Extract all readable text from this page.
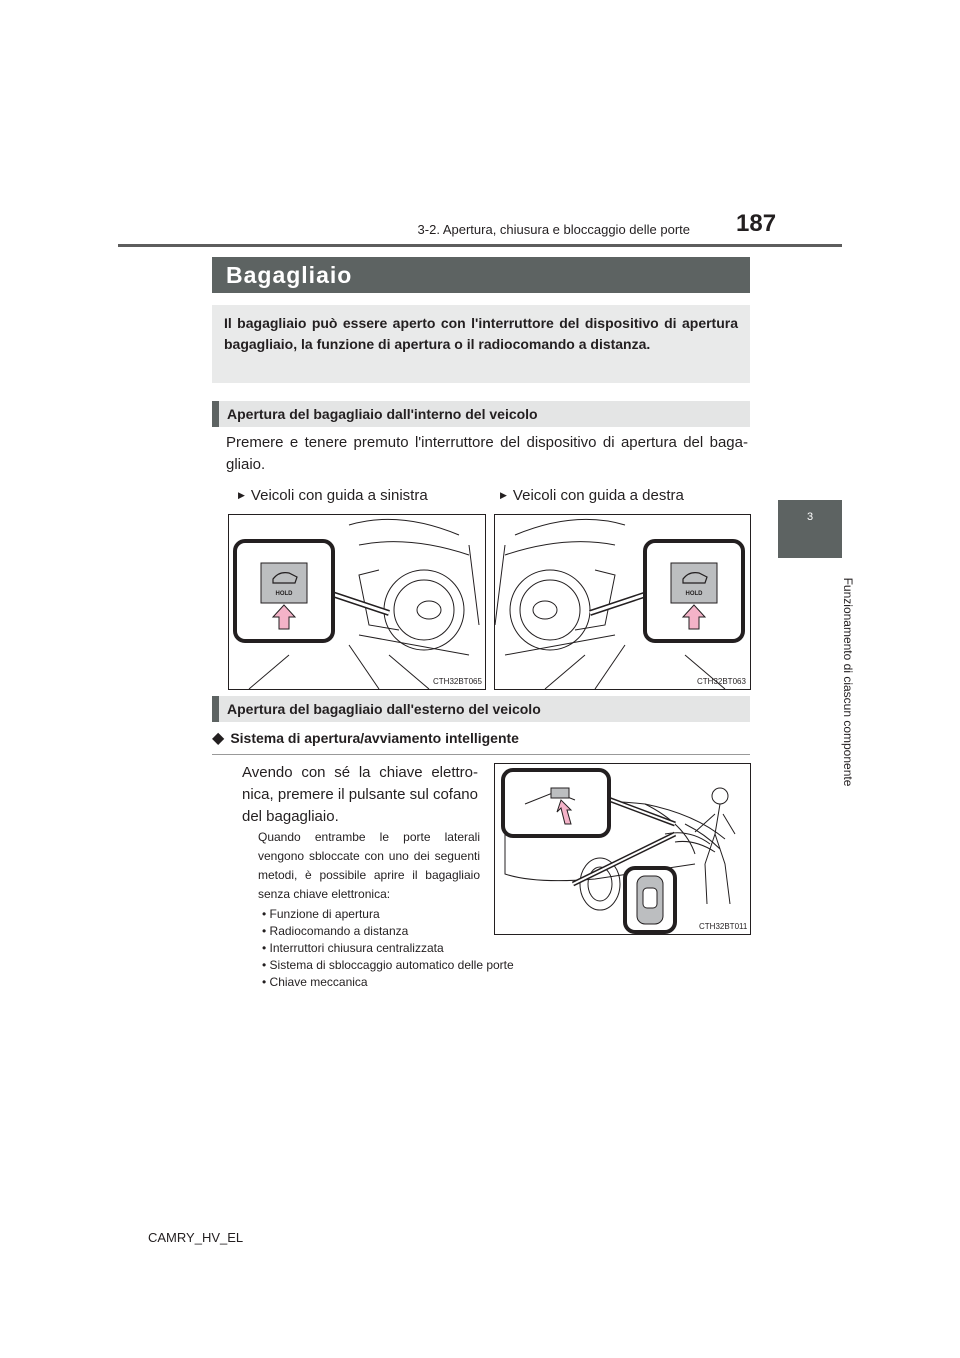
3-2. Apertura, chiusura e bloccaggio delle porte 187
3
Funzionamento di ciascun componente
Bagagliaio
Il bagagliaio può essere aperto con l'interruttore del dispositivo di apertura bagagliaio, la funzione di apertura o il radiocomando a distanza.
Apertura del bagagliaio dall'interno del veicolo
Premere e tenere premuto l'interruttore del dispositivo di apertura del baga-gliaio.
▶ Veicoli con guida a sinistra	▶ Veicoli con guida a destra
HOLD
CTH32BT065
HOLD
CTH32BT063
Apertura del bagagliaio dall'esterno del veicolo
◆ Sistema di apertura/avviamento intelligente
Avendo con sé la chiave elettro-nica, premere il pulsante sul cofano del bagagliaio.
Quando entrambe le porte laterali vengono sbloccate con uno dei seguenti metodi, è possibile aprire il bagagliaio senza chiave elettronica:
• Funzione di apertura
• Radiocomando a distanza
• Interruttori chiusura centralizzata
• Sistema di sbloccaggio automatico delle porte
• Chiave meccanica
CTH32BT011
CAMRY_HV_EL
